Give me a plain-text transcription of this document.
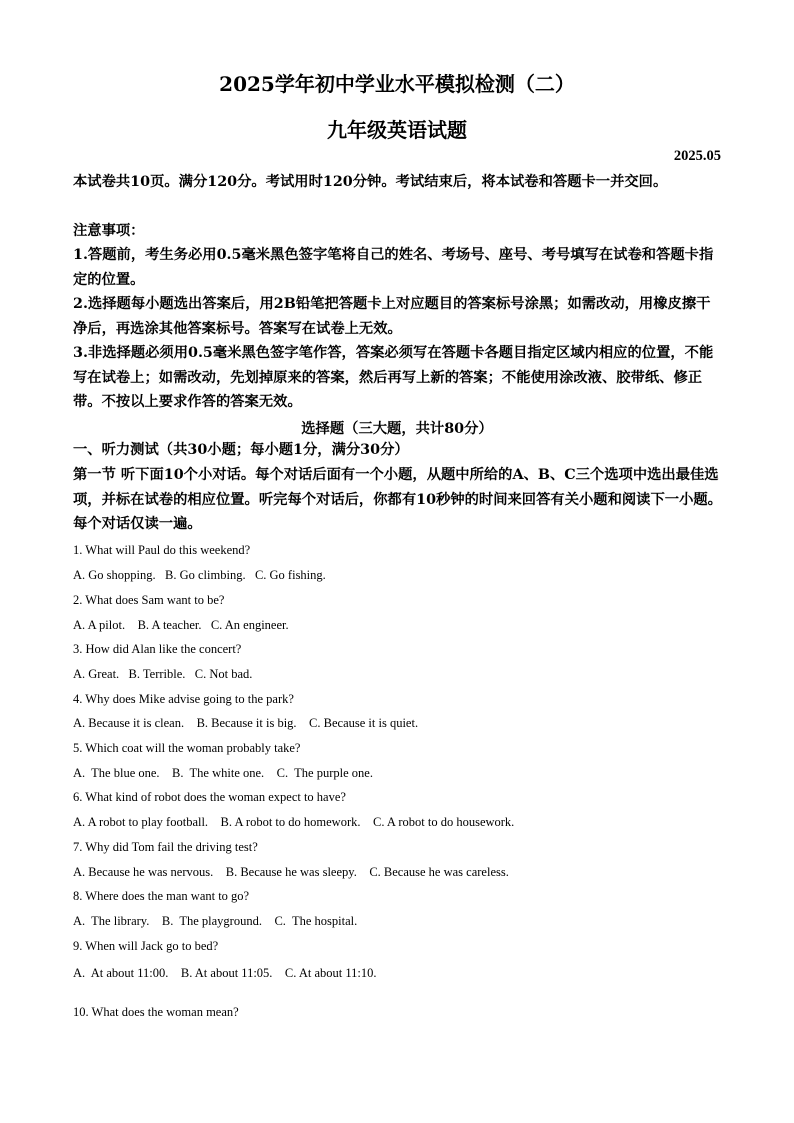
2025学年初中学业水平模拟检测（二）
九年级英语试题
2025.05
本试卷共10页。满分120分。考试用时120分钟。考试结束后，将本试卷和答题卡一并交回。
注意事项：
1.答题前，考生务必用0.5毫米黑色签字笔将自己的姓名、考场号、座号、考号填写在试卷和答题卡指定的位置。
2.选择题每小题选出答案后，用2B铅笔把答题卡上对应题目的答案标号涂黑；如需改动，用橡皮擦干净后，再选涂其他答案标号。答案写在试卷上无效。
3.非选择题必须用0.5毫米黑色签字笔作答，答案必须写在答题卡各题目指定区域内相应的位置，不能写在试卷上；如需改动，先划掉原来的答案，然后再写上新的答案；不能使用涂改液、胶带纸、修正带。不按以上要求作答的答案无效。
选择题（三大题，共计80分）
一、听力测试（共30小题；每小题1分，满分30分）
第一节 听下面10个小对话。每个对话后面有一个小题，从题中所给的A、B、C三个选项中选出最佳选项，并标在试卷的相应位置。听完每个对话后，你都有10秒钟的时间来回答有关小题和阅读下一小题。每个对话仅读一遍。
1. What will Paul do this weekend?
A. Go shopping.   B. Go climbing.   C. Go fishing.
2. What does Sam want to be?
A. A pilot.    B. A teacher.   C. An engineer.
3. How did Alan like the concert?
A. Great.   B. Terrible.   C. Not bad.
4. Why does Mike advise going to the park?
A. Because it is clean.    B. Because it is big.    C. Because it is quiet.
5. Which coat will the woman probably take?
A.  The blue one.    B.  The white one.    C.  The purple one.
6. What kind of robot does the woman expect to have?
A. A robot to play football.    B. A robot to do homework.    C. A robot to do housework.
7. Why did Tom fail the driving test?
A. Because he was nervous.    B. Because he was sleepy.    C. Because he was careless.
8. Where does the man want to go?
A.  The library.    B.  The playground.    C.  The hospital.
9. When will Jack go to bed?
A.  At about 11:00.    B. At about 11:05.    C. At about 11:10.
10. What does the woman mean?
